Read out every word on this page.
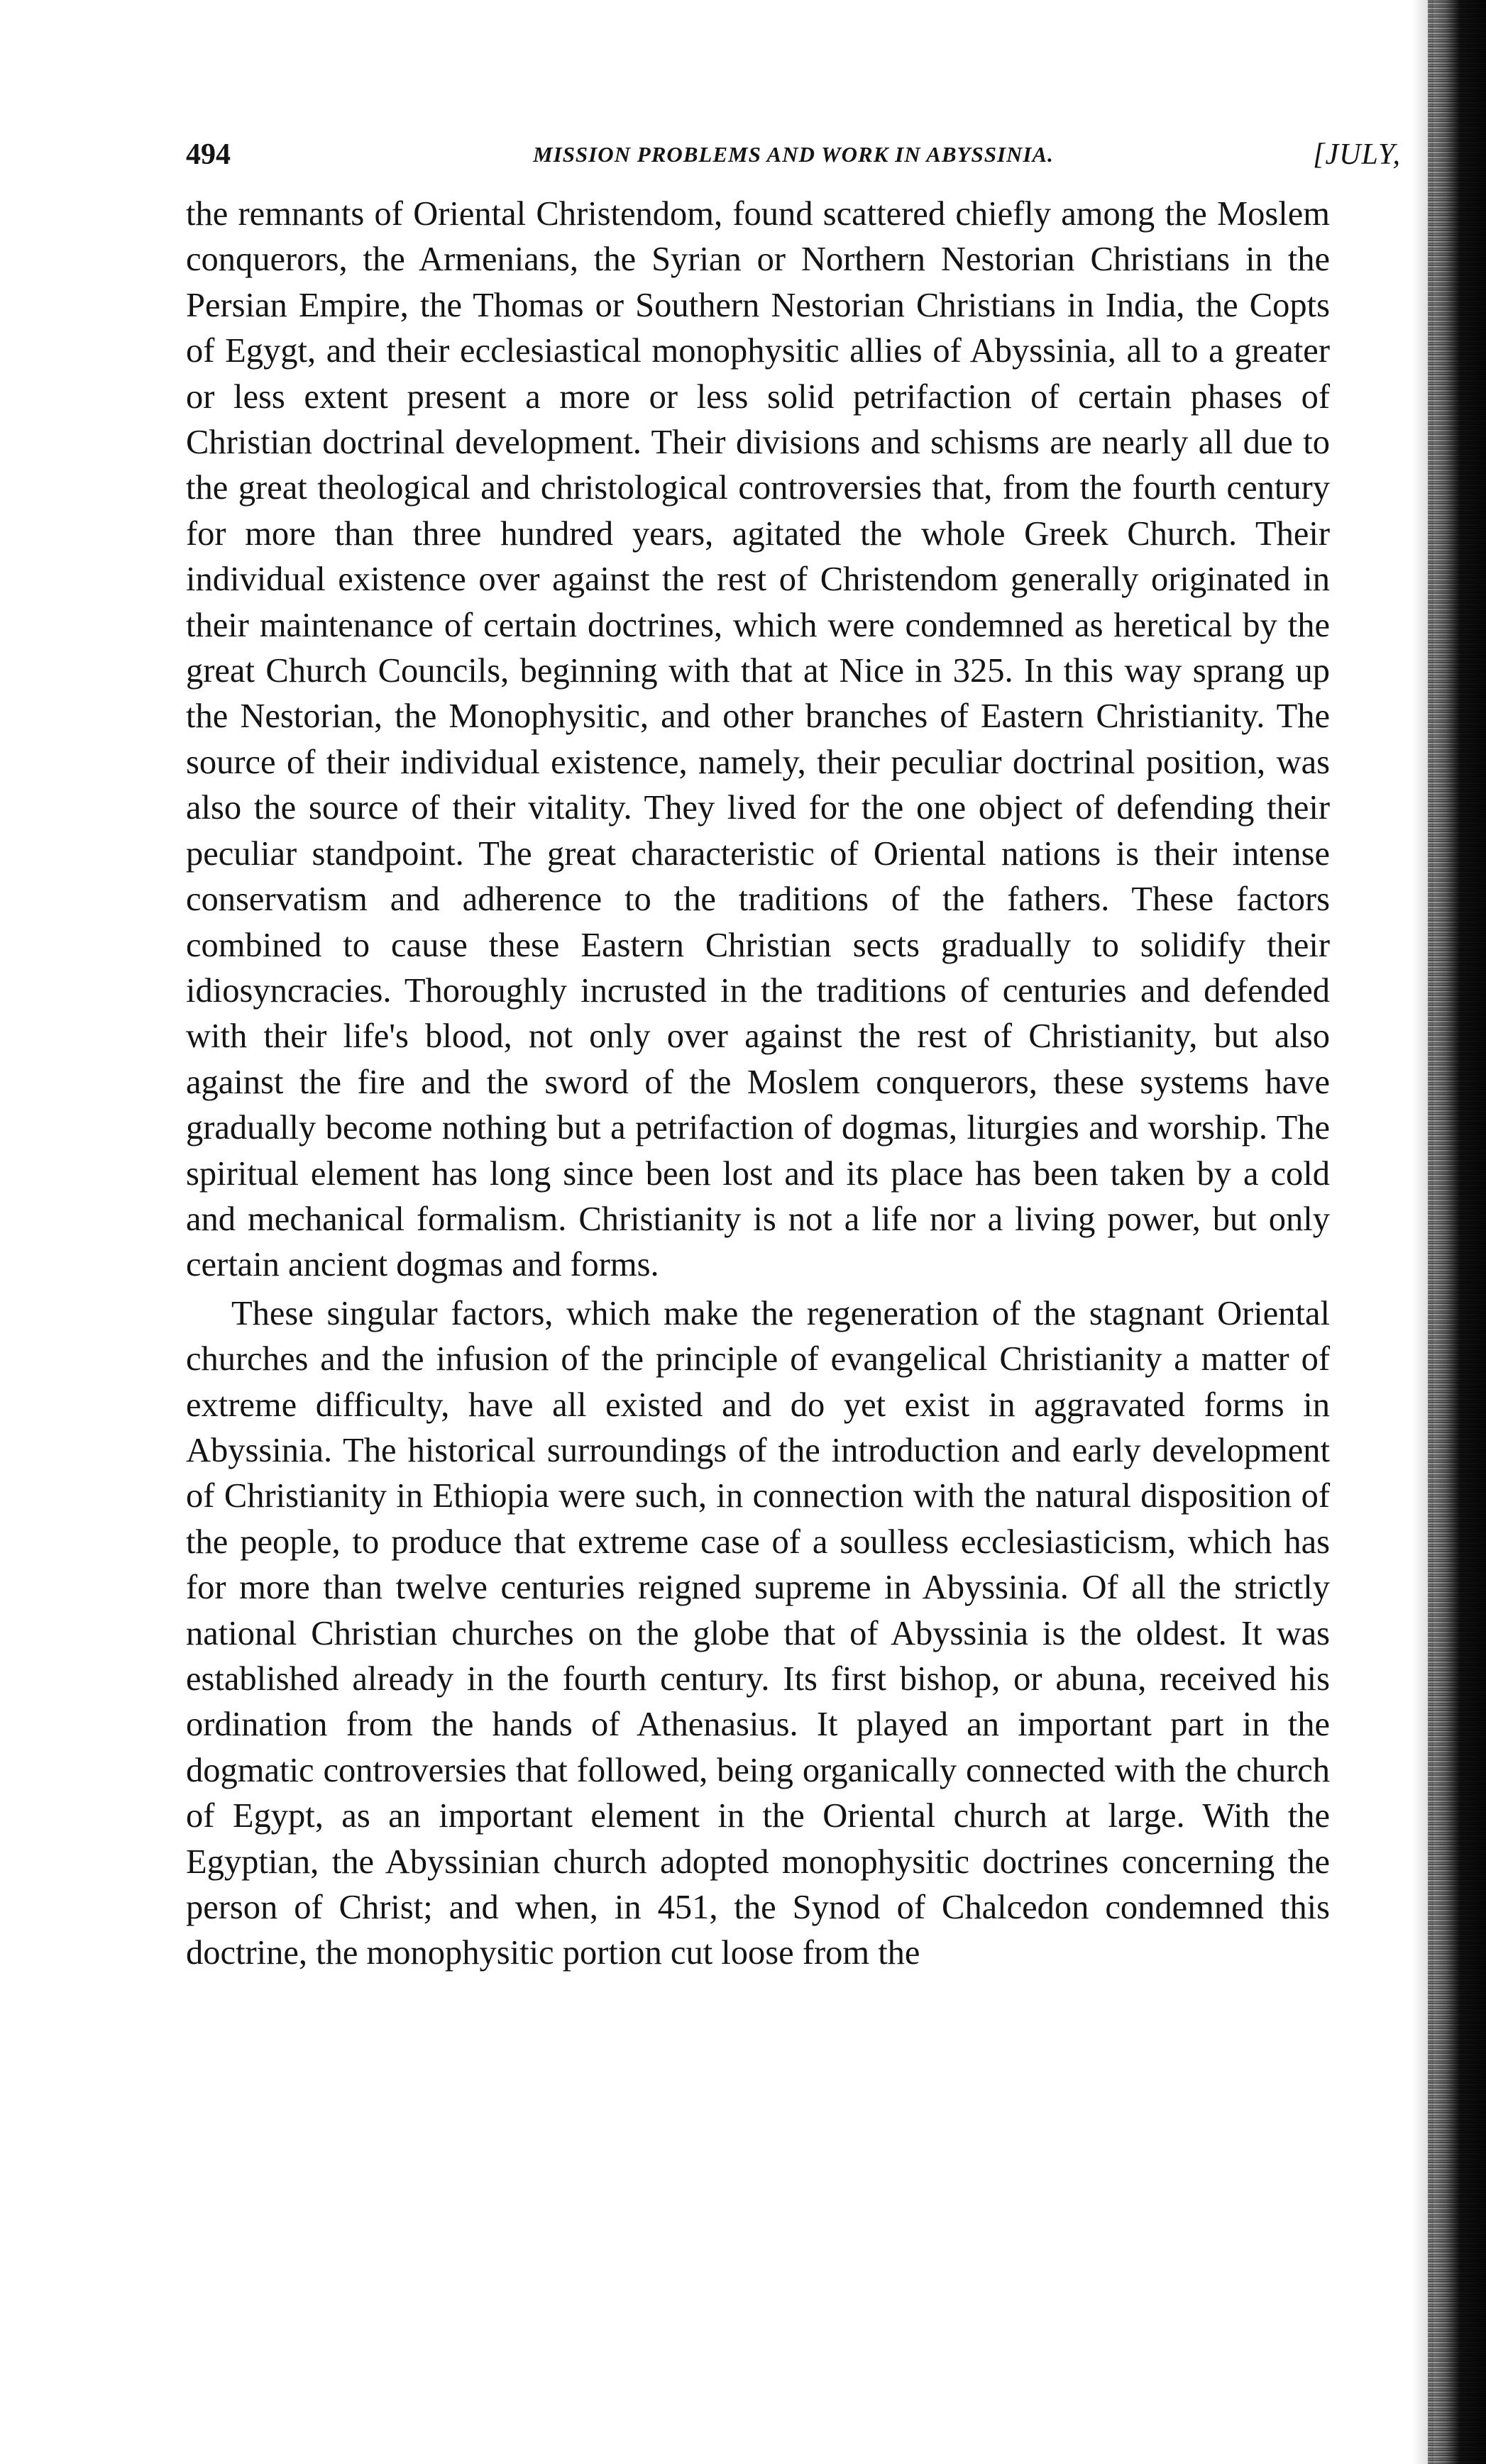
494	MISSION PROBLEMS AND WORK IN ABYSSINIA.	[JULY,

the remnants of Oriental Christendom, found scattered chiefly among the Moslem conquerors, the Armenians, the Syrian or Northern Nestorian Christians in the Persian Empire, the Thomas or Southern Nestorian Christians in India, the Copts of Egygt, and their ecclesiastical monophysitic allies of Abyssinia, all to a greater or less extent present a more or less solid petrifaction of certain phases of Christian doctrinal development. Their divisions and schisms are nearly all due to the great theological and christological controversies that, from the fourth century for more than three hundred years, agitated the whole Greek Church. Their individual existence over against the rest of Christendom generally originated in their maintenance of certain doctrines, which were condemned as heretical by the great Church Councils, beginning with that at Nice in 325. In this way sprang up the Nestorian, the Monophysitic, and other branches of Eastern Christianity. The source of their individual existence, namely, their peculiar doctrinal position, was also the source of their vitality. They lived for the one object of defending their peculiar standpoint. The great characteristic of Oriental nations is their intense conservatism and adherence to the traditions of the fathers. These factors combined to cause these Eastern Christian sects gradually to solidify their idiosyncracies. Thoroughly incrusted in the traditions of centuries and defended with their life's blood, not only over against the rest of Christianity, but also against the fire and the sword of the Moslem conquerors, these systems have gradually become nothing but a petrifaction of dogmas, liturgies and worship. The spiritual element has long since been lost and its place has been taken by a cold and mechanical formalism. Christianity is not a life nor a living power, but only certain ancient dogmas and forms.

These singular factors, which make the regeneration of the stagnant Oriental churches and the infusion of the principle of evangelical Christianity a matter of extreme difficulty, have all existed and do yet exist in aggravated forms in Abyssinia. The historical surroundings of the introduction and early development of Christianity in Ethiopia were such, in connection with the natural disposition of the people, to produce that extreme case of a soulless ecclesiasticism, which has for more than twelve centuries reigned supreme in Abyssinia. Of all the strictly national Christian churches on the globe that of Abyssinia is the oldest. It was established already in the fourth century. Its first bishop, or abuna, received his ordination from the hands of Athenasius. It played an important part in the dogmatic controversies that followed, being organically connected with the church of Egypt, as an important element in the Oriental church at large. With the Egyptian, the Abyssinian church adopted monophysitic doctrines concerning the person of Christ; and when, in 451, the Synod of Chalcedon condemned this doctrine, the monophysitic portion cut loose from the
